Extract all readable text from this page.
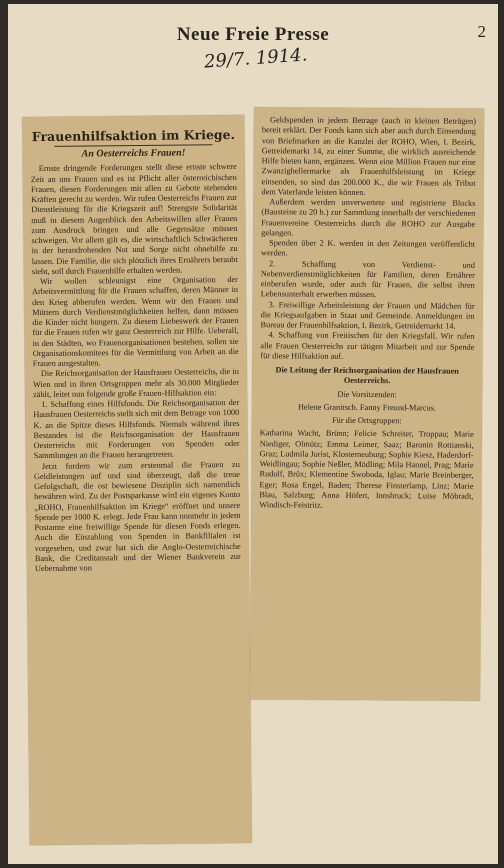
Neue Freie Presse	2
29/7. 1914.
Frauenhilfsaktion im Kriege.
An Oesterreichs Frauen!

Ernste dringende Forderungen stellt diese ernste schwere Zeit an uns Frauen und es ist Pflicht aller österreichischen Frauen, diesen Forderungen mit allen zu Gebote stehenden Kräften gerecht zu werden. Wir rufen Oesterreichs Frauen zur Dienstleistung für die Kriegszeit auf! Strengste Solidarität muß in diesem Augenblick den Arbeitswillen aller Frauen zum Ausdruck bringen und alle Gegensätze müssen schweigen. Vor allem gilt es, die wirtschaftlich Schwächeren in der herandrohenden Not und Sorge nicht ohnehilfe zu lassen. Die Familie, die sich plötzlich ihres Ernährers beraubt sieht, soll durch Frauenhilfe erhalten werden.

Wir wollen schleunigst eine Organisation der Arbeitsvermittlung für die Frauen schaffen, deren Männer in den Krieg abberufen werden. Wenn wir den Frauen und Müttern durch Verdienstmöglichkeiten helfen, dann müssen die Kinder nicht hungern. Zu diesem Liebeswerk der Frauen für die Frauen rufen wir ganz Oesterreich zur Hilfe. Ueberall, in den Städten, wo Frauenorganisationen bestehen, sollen sie Organisationskomitees für die Vermittlung von Arbeit an die Frauen ausgestalten.

Die Reichsorganisation der Hausfrauen Oesterreichs, die in Wien und in ihren Ortsgruppen mehr als 30.000 Mitglieder zählt, leitet nun folgende große Frauen-Hilfsaktion ein:

1. Schaffung eines Hilfsfonds. Die Reichsorganisation der Hausfrauen Oesterreichs stellt sich mit dem Betrage von 1000 K. an die Spitze dieses Hilfsfonds. Niemals während ihres Bestandes ist die Reichsorganisation der Hausfrauen Oesterreichs mit Forderungen von Spenden oder Sammlungen an die Frauen herangetreten.

Jetzt fordern wir zum erstenmal die Frauen zu Geldleistungen auf und sind überzeugt, daß die treue Gefolgschaft, die ost bewiesene Disziplin sich namentlich bewähren wird. Zu der Postsparkasse wird ein eigenes Konto „ROHO, Frauenhilfsaktion im Kriege“ eröffnet und unsere Spende per 1000 K. erlegt. Jede Frau kann nunmehr in jedem Postamte eine freiwillige Spende für diesen Fonds erlegen. Auch die Einzahlung von Spenden in Bankfilialen ist vorgesehen, und zwar hat sich die Anglo-Oesterreichische Bank, die Creditanstalt und der Wiener Bankverein zur Uebernahme von

Geldspenden in jedem Betrage (auch in kleinen Beträgen) bereit erklärt. Der Fonds kann sich aber auch durch Einsendung von Briefmarken an die Kanzlei der ROHO, Wien, I. Bezirk, Getreidemarkt 14, zu einer Summe, die wirklich ausreichende Hilfe bieten kann, ergänzen. Wenn eine Million Frauen nur eine Zwanzighellermarke als Frauenhilfsleistung im Kriege einsenden, so sind das 200.000 K., die wir Frauen als Tribut dem Vaterlande leisten können.

Außerdem werden unverwertete und registrierte Blocks (Bausteine zu 20 h.) zur Sammlung innerhalb der verschiedenen Frauenvereine Oesterreichs durch die ROHO zur Ausgabe gelangen.

Spenden über 2 K. werden in den Zeitungen veröffentlicht werden.

2. Schaffung von Verdienst- und Nebenverdienstmöglichkeiten für Familien, deren Ernährer einberufen wurde, oder auch für Frauen, die selbst ihren Lebensunterhalt erwerben müssen.

3. Freiwillige Arbeitsleistung der Frauen und Mädchen für die Kriegsaufgaben in Staat und Gemeinde. Anmeldungen im Bureau der Frauenhilfsaktion, I. Bezirk, Getreidemarkt 14.

4. Schaffung von Freitischen für den Kriegsfall. Wir rufen alle Frauen Oesterreichs zur tätigen Mitarbeit und zur Spende für diese Hilfsaktion auf.

Die Leitung der Reichsorganisation der Hausfrauen Oesterreichs.
Die Vorsitzenden:
Helene Granitsch. Fanny Freund-Marcus.
Für die Ortsgruppen:

Katharina Wacht, Brünn; Felicie Schreiter, Troppau; Marie Niediger, Olmütz; Emma Leimer, Saaz; Baronin Rottianski, Graz; Ludmila Jurist, Klosterneuburg; Sophie Kiesz, Haderdorf-Weidlingau; Sophie Neßler, Mödling; Mila Hannel, Prag; Marie Rudolf, Brüx; Klementine Swoboda, Iglau; Marie Breinberger, Eger; Rosa Engel, Baden; Therese Finsterlamp, Linz; Marie Blau, Salzburg; Anna Höfert, Innsbruck; Luise Möbradt, Windisch-Feistritz.
